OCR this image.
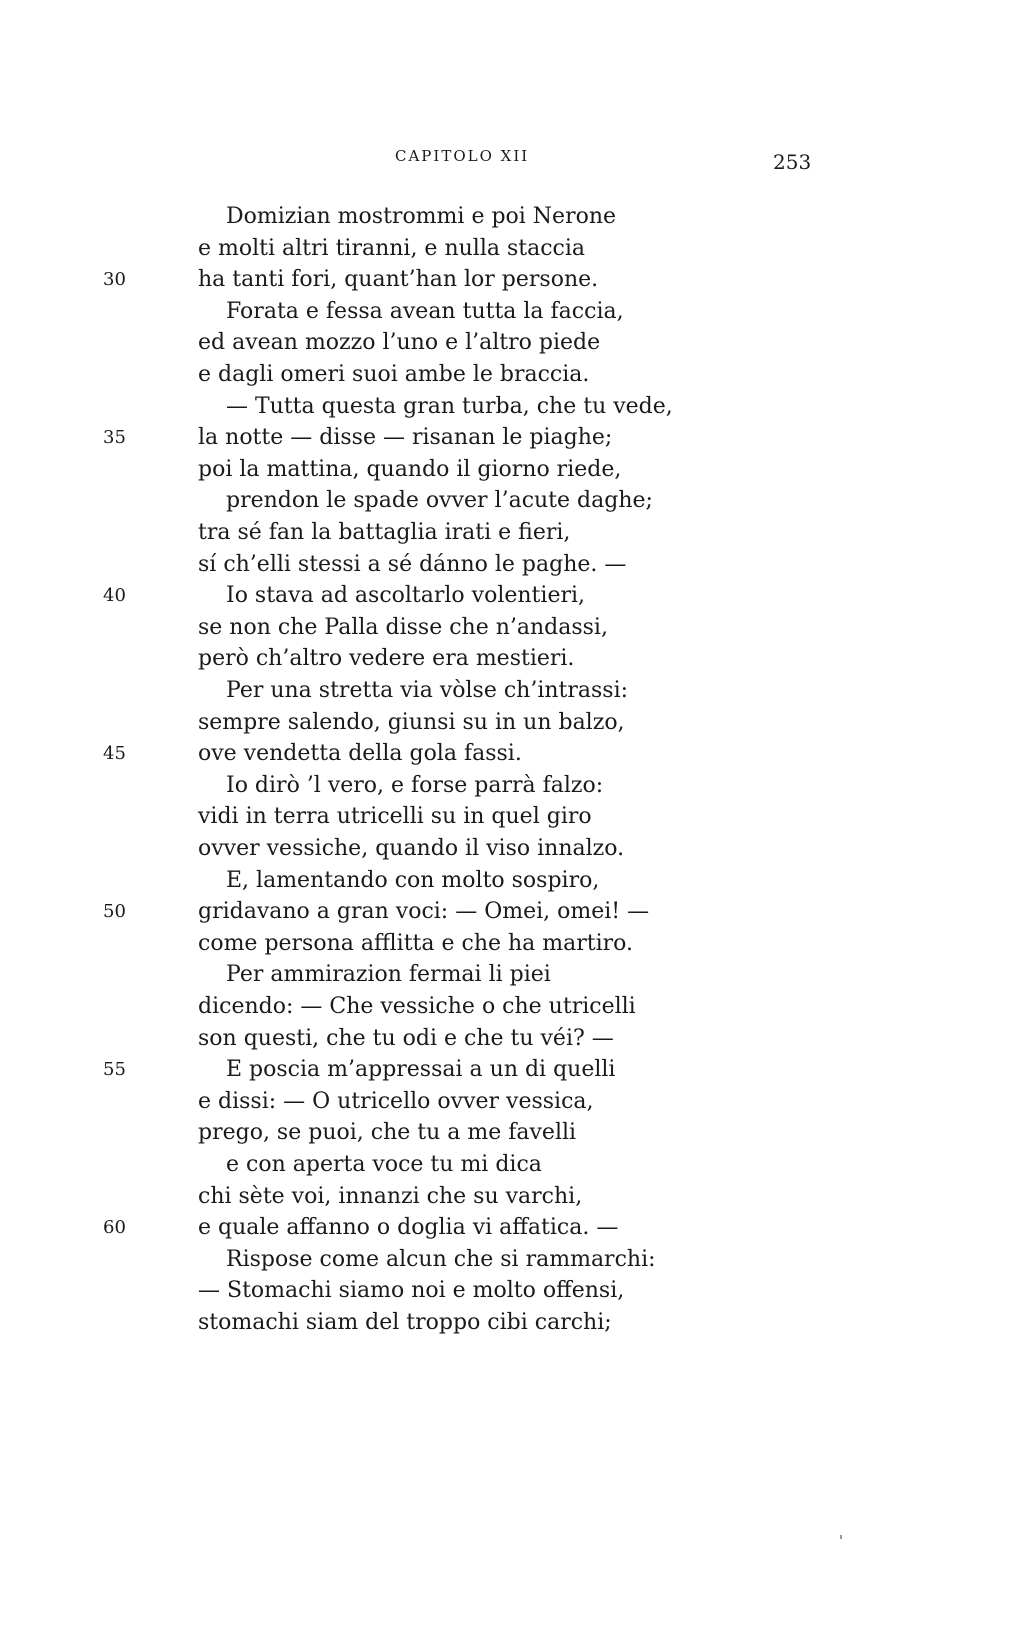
CAPITOLO XII	253
Domizian mostrommi e poi Nerone
e molti altri tiranni, e nulla staccia
30	ha tanti fori, quant’han lor persone.
Forata e fessa avean tutta la faccia,
ed avean mozzo l’uno e l’altro piede
e dagli omeri suoi ambe le braccia.
— Tutta questa gran turba, che tu vede,
35	la notte — disse — risanan le piaghe;
poi la mattina, quando il giorno riede,
prendon le spade ovver l’acute daghe;
tra sé fan la battaglia irati e fieri,
sí ch’elli stessi a sé dánno le paghe. —
40	Io stava ad ascoltarlo volentieri,
se non che Palla disse che n’andassi,
però ch’altro vedere era mestieri.
Per una stretta via vòlse ch’intrassi:
sempre salendo, giunsi su in un balzo,
45	ove vendetta della gola fassi.
Io dirò ’l vero, e forse parrà falzo:
vidi in terra utricelli su in quel giro
ovver vessiche, quando il viso innalzo.
E, lamentando con molto sospiro,
50	gridavano a gran voci: — Omei, omei! —
come persona afflitta e che ha martiro.
Per ammirazion fermai li piei
dicendo: — Che vessiche o che utricelli
son questi, che tu odi e che tu véi? —
55	E poscia m’appressai a un di quelli
e dissi: — O utricello ovver vessica,
prego, se puoi, che tu a me favelli
e con aperta voce tu mi dica
chi sète voi, innanzi che su varchi,
60	e quale affanno o doglia vi affatica. —
Rispose come alcun che si rammarchi:
— Stomachi siamo noi e molto offensi,
stomachi siam del troppo cibi carchi;
